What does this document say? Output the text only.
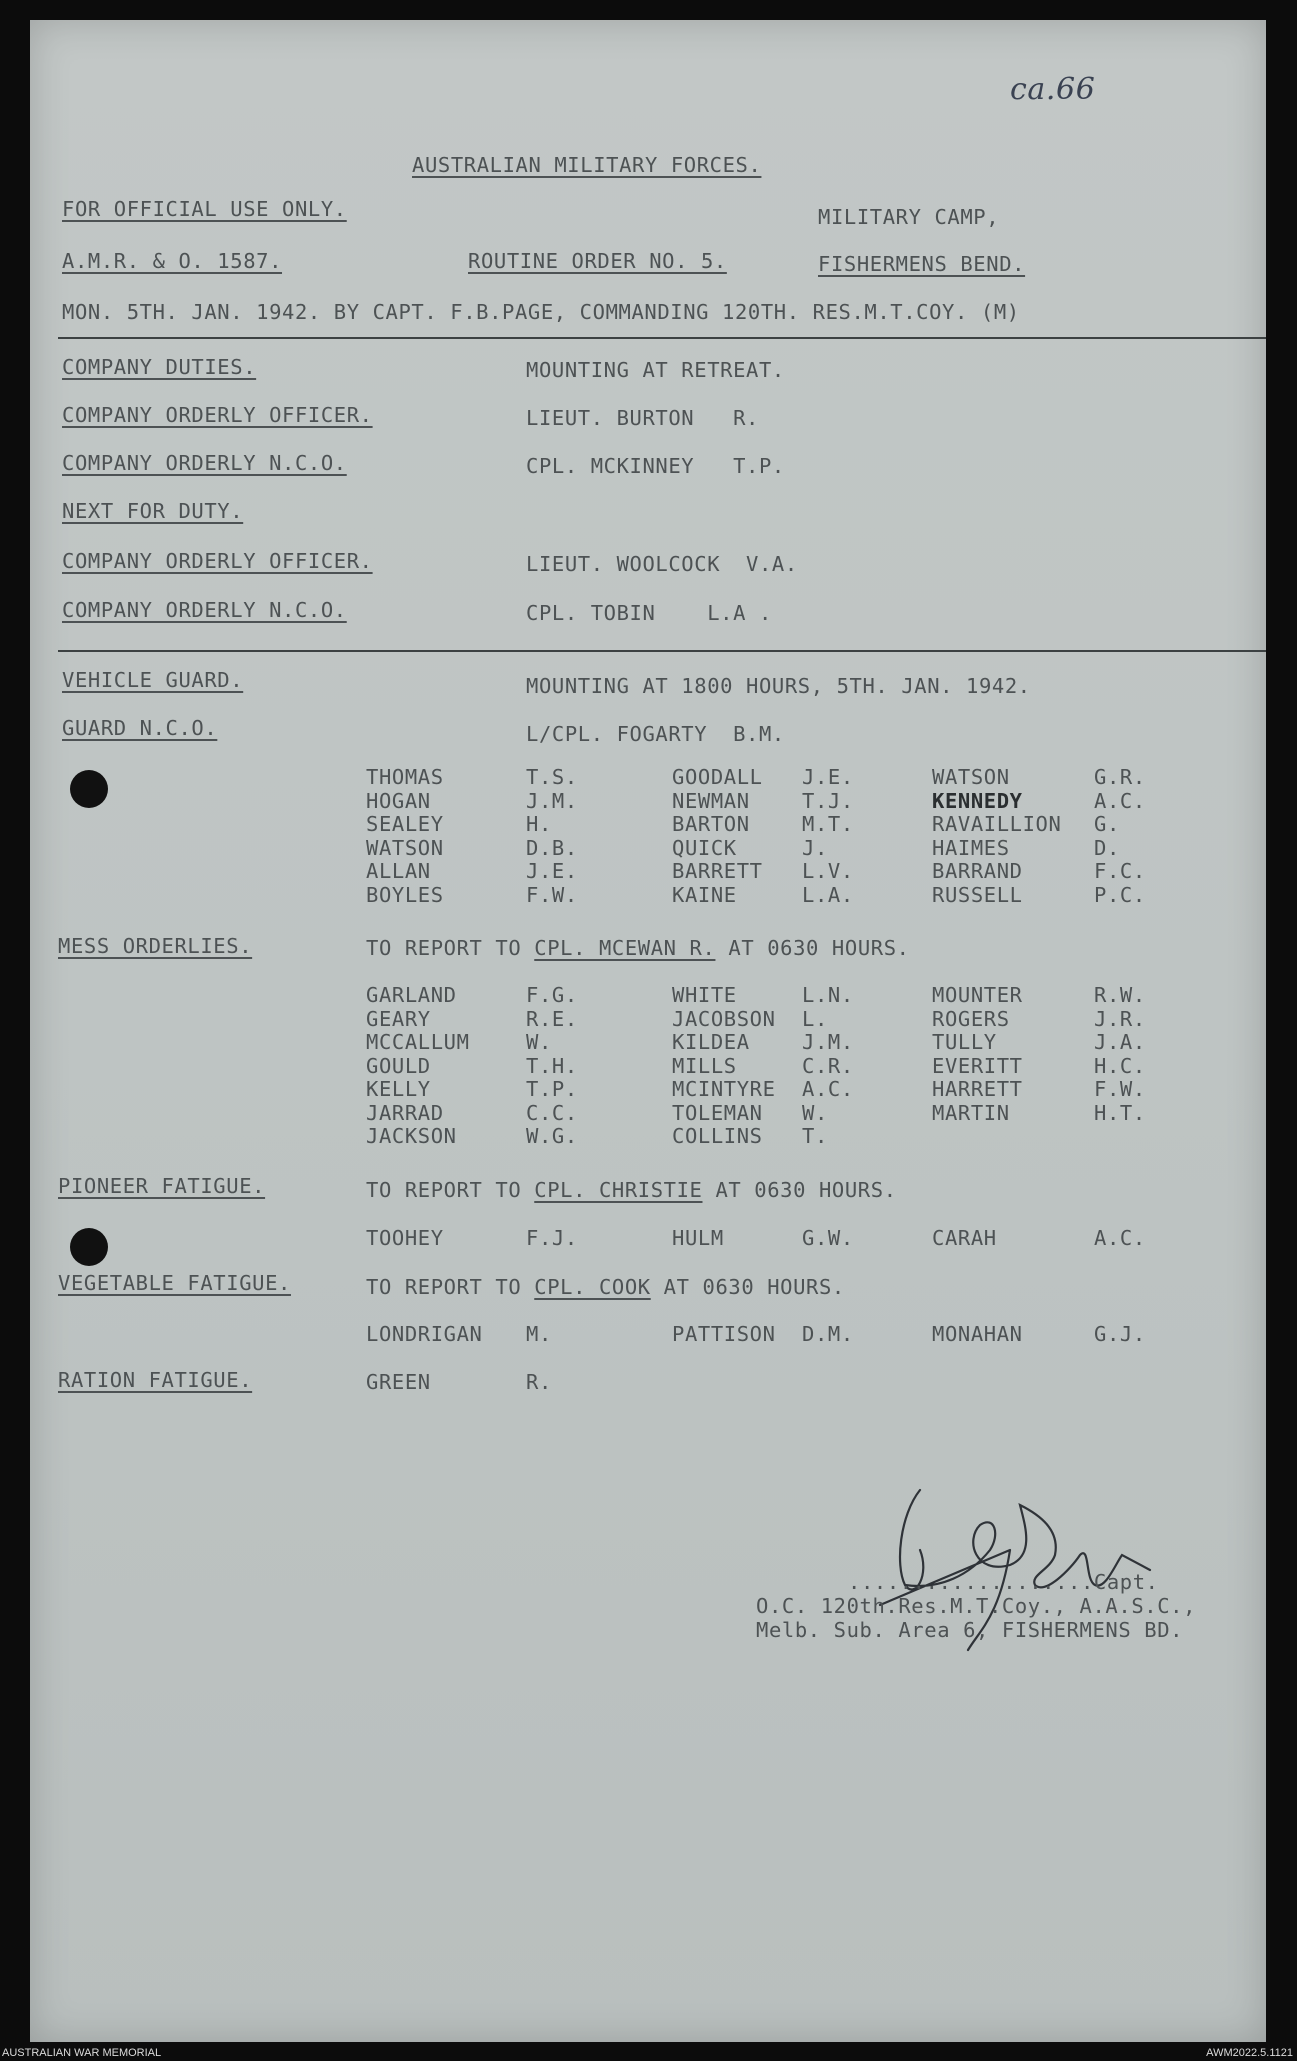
ca.66
AUSTRALIAN MILITARY FORCES.
FOR OFFICIAL USE ONLY.	MILITARY CAMP,
A.M.R. & O. 1587.	ROUTINE ORDER NO. 5.	FISHERMENS BEND.
MON. 5TH. JAN. 1942. BY CAPT. F.B.PAGE, COMMANDING 120TH. RES.M.T.COY. (M)
COMPANY DUTIES.	MOUNTING AT RETREAT.
COMPANY ORDERLY OFFICER.	LIEUT. BURTON   R.
COMPANY ORDERLY N.C.O.	CPL. MCKINNEY   T.P.
NEXT FOR DUTY.
COMPANY ORDERLY OFFICER.	LIEUT. WOOLCOCK  V.A.
COMPANY ORDERLY N.C.O.	CPL. TOBIN    L.A .
VEHICLE GUARD.	MOUNTING AT 1800 HOURS, 5TH. JAN. 1942.
GUARD N.C.O.	L/CPL. FOGARTY  B.M.
THOMAS	T.S.	GOODALL J.E.	WATSON	G.R.
HOGAN	J.M.	NEWMAN	T.J.	KENNEDY	A.C.
SEALEY	H.	BARTON	M.T.	RAVAILLION G.
WATSON	D.B.	QUICK	J.	HAIMES	D.
ALLAN	J.E.	BARRETT L.V.	BARRAND	F.C.
BOYLES	F.W.	KAINE	L.A.	RUSSELL	P.C.
MESS ORDERLIES.	TO REPORT TO CPL. MCEWAN R. AT 0630 HOURS.
GARLAND	F.G.	WHITE	L.N.	MOUNTER	R.W.
GEARY	R.E.	JACOBSON L.	ROGERS	J.R.
MCCALLUM	W.	KILDEA	J.M.	TULLY	J.A.
GOULD	T.H.	MILLS	C.R.	EVERITT	H.C.
KELLY	T.P.	MCINTYRE A.C.	HARRETT	F.W.
JARRAD	C.C.	TOLEMAN W.	MARTIN	H.T.
JACKSON	W.G.	COLLINS T.
PIONEER FATIGUE.	TO REPORT TO CPL. CHRISTIE AT 0630 HOURS.
TOOHEY	F.J.	HULM	G.W.	CARAH	A.C.
VEGETABLE FATIGUE.	TO REPORT TO CPL. COOK AT 0630 HOURS.
LONDRIGAN M.	PATTISON D.M.	MONAHAN	G.J.
RATION FATIGUE.	GREEN	R.
...................Capt.
O.C. 120th.Res.M.T.Coy., A.A.S.C.,
Melb. Sub. Area 6, FISHERMENS BD.
AUSTRALIAN WAR MEMORIAL	AWM2022.5.1121
